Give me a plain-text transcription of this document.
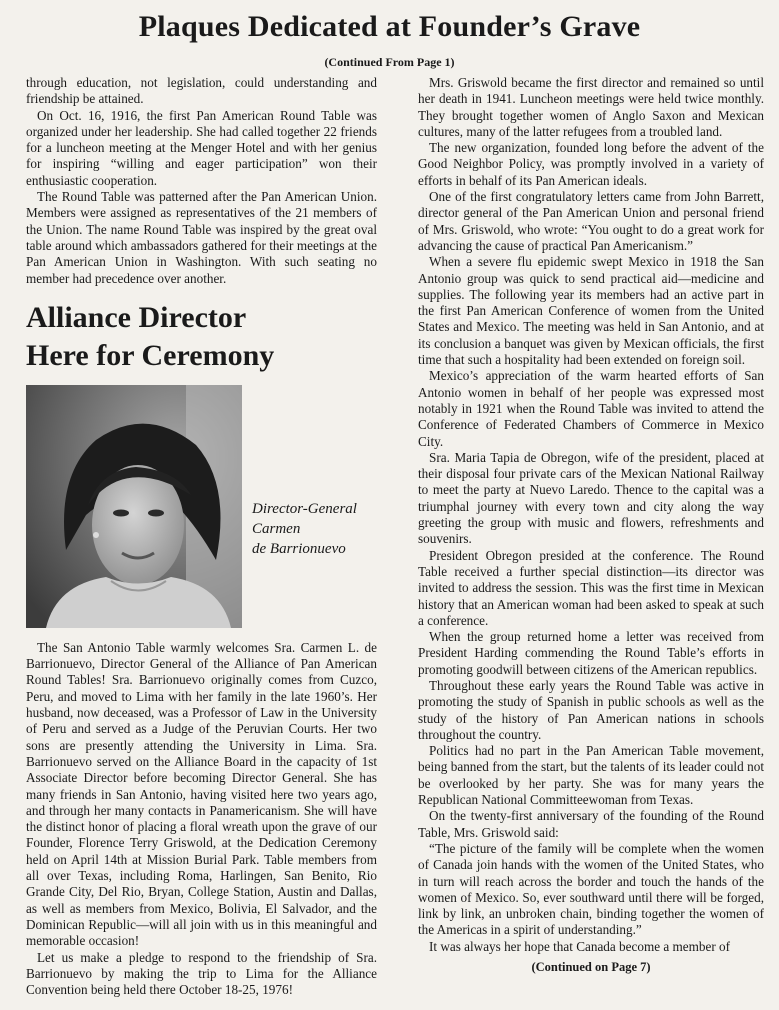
Plaques Dedicated at Founder’s Grave
(Continued From Page 1)

through education, not legislation, could understanding and friendship be attained.

On Oct. 16, 1916, the first Pan American Round Table was organized under her leadership. She had called together 22 friends for a luncheon meeting at the Menger Hotel and with her genius for inspiring “willing and eager participation” won their enthusiastic cooperation.

The Round Table was patterned after the Pan American Union. Members were assigned as representatives of the 21 members of the Union. The name Round Table was inspired by the great oval table around which ambassadors gathered for their meetings at the Pan American Union in Washington. With such seating no member had precedence over another.

Alliance Director
Here for Ceremony
Director-General
Carmen
de Barrionuevo

The San Antonio Table warmly welcomes Sra. Carmen L. de Barrionuevo, Director General of the Alliance of Pan American Round Tables! Sra. Barrionuevo originally comes from Cuzco, Peru, and moved to Lima with her family in the late 1960’s. Her husband, now deceased, was a Professor of Law in the University of Peru and served as a Judge of the Peruvian Courts. Her two sons are presently attending the University in Lima. Sra. Barrionuevo served on the Alliance Board in the capacity of 1st Associate Director before becoming Director General. She has many friends in San Antonio, having visited here two years ago, and through her many contacts in Panamericanism. She will have the distinct honor of placing a floral wreath upon the grave of our Founder, Florence Terry Griswold, at the Dedication Ceremony held on April 14th at Mission Burial Park. Table members from all over Texas, including Roma, Harlingen, San Benito, Rio Grande City, Del Rio, Bryan, College Station, Austin and Dallas, as well as members from Mexico, Bolivia, El Salvador, and the Dominican Republic—will all join with us in this meaningful and memorable occasion!

Let us make a pledge to respond to the friendship of Sra. Barrionuevo by making the trip to Lima for the Alliance Convention being held there October 18-25, 1976!

Mrs. Griswold became the first director and remained so until her death in 1941. Luncheon meetings were held twice monthly. They brought together women of Anglo Saxon and Mexican cultures, many of the latter refugees from a troubled land.

The new organization, founded long before the advent of the Good Neighbor Policy, was promptly involved in a variety of efforts in behalf of its Pan American ideals.

One of the first congratulatory letters came from John Barrett, director general of the Pan American Union and personal friend of Mrs. Griswold, who wrote: “You ought to do a great work for advancing the cause of practical Pan Americanism.”

When a severe flu epidemic swept Mexico in 1918 the San Antonio group was quick to send practical aid—medicine and supplies. The following year its members had an active part in the first Pan American Conference of women from the United States and Mexico. The meeting was held in San Antonio, and at its conclusion a banquet was given by Mexican officials, the first time that such a hospitality had been extended on foreign soil.

Mexico’s appreciation of the warm hearted efforts of San Antonio women in behalf of her people was expressed most notably in 1921 when the Round Table was invited to attend the Conference of Federated Chambers of Commerce in Mexico City.

Sra. Maria Tapia de Obregon, wife of the president, placed at their disposal four private cars of the Mexican National Railway to meet the party at Nuevo Laredo. Thence to the capital was a triumphal journey with every town and city along the way greeting the group with music and flowers, refreshments and souvenirs.

President Obregon presided at the conference. The Round Table received a further special distinction—its director was invited to address the session. This was the first time in Mexican history that an American woman had been asked to speak at such a conference.

When the group returned home a letter was received from President Harding commending the Round Table’s efforts in promoting goodwill between citizens of the American republics.

Throughout these early years the Round Table was active in promoting the study of Spanish in public schools as well as the study of the history of Pan American nations in schools throughout the country.

Politics had no part in the Pan American Table movement, being banned from the start, but the talents of its leader could not be overlooked by her party. She was for many years the Republican National Committeewoman from Texas.

On the twenty-first anniversary of the founding of the Round Table, Mrs. Griswold said:

“The picture of the family will be complete when the women of Canada join hands with the women of the United States, who in turn will reach across the border and touch the hands of the women of Mexico. So, ever southward until there will be forged, link by link, an unbroken chain, binding together the women of the Americas in a spirit of understanding.”

It was always her hope that Canada become a member of

(Continued on Page 7)
